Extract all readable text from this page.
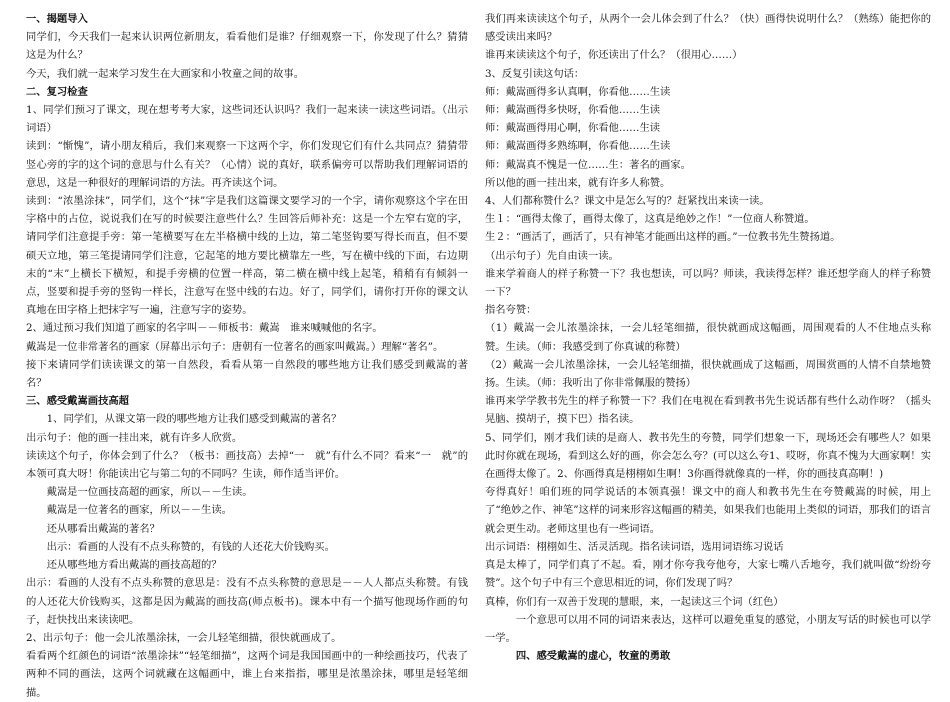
一、揭题导入

同学们，今天我们一起来认识两位新朋友，看看他们是谁？仔细观察一下，你发现了什么？猜猜这是为什么？

今天，我们就一起来学习发生在大画家和小牧童之间的故事。

二、复习检查

1、同学们预习了课文，现在想考考大家，这些词还认识吗？我们一起来读一读这些词语。（出示词语）

读到：“惭愧”，请小朋友稍后，我们来观察一下这两个字，你们发现它们有什么共同点？猜猜带竖心旁的字的这个词的意思与什么有关？（心情）说的真好，联系偏旁可以帮助我们理解词语的意思，这是一种很好的理解词语的方法。再齐读这个词。

读到：“浓墨涂抹”，同学们，这个“抹”字是我们这篇课文要学习的一个字，请你观察这个字在田字格中的占位，说说我们在写的时候要注意些什么？生回答后师补充：这是一个左窄右宽的字，请同学们注意提手旁：第一笔横要写在左半格横中线的上边，第二笔竖钩要写得长而直，但不要硕天立地，第三笔提请同学们注意，它起笔的地方要比横靠左一些，写在横中线的下面，右边期末的“末”上横长下横短，和提手旁横的位置一样高，第二横在横中线上起笔，稍稍有有倾斜一点，竖要和提手旁的竖钩一样长，注意写在竖中线的右边。好了，同学们，请你打开你的课文认真地在田字格上把抹字写一遍，注意写字的姿势。

2、通过预习我们知道了画家的名字叫－－师板书：戴嵩　谁来喊喊他的名字。

戴嵩是一位非常著名的画家（屏幕出示句子：唐朝有一位著名的画家叫戴嵩。）理解“著名”。

接下来请同学们读读课文的第一自然段，看看从第一自然段的哪些地方让我们感受到戴嵩的著名？

三、感受戴嵩画技高超

1、同学们，从课文第一段的哪些地方让我们感受到戴嵩的著名？

出示句子：他的画一挂出来，就有许多人欣赏。

读读这个句子，你体会到了什么？（板书：画技高）去掉“一　就”有什么不同？看来“一　就”的本领可真大呀！你能读出它与第二句的不同吗？生读，师作适当评价。

戴嵩是一位画技高超的画家，所以－－生读。

戴嵩是一位著名的画家，所以－－生读。

还从哪看出戴嵩的著名？

出示：看画的人没有不点头称赞的，有钱的人还花大价钱购买。

还从哪些地方看出戴嵩的画技高超的？

出示：看画的人没有不点头称赞的意思是：没有不点头称赞的意思是－－人人都点头称赞。有钱的人还花大价钱购买，这都是因为戴嵩的画技高(师点板书)。课本中有一个描写他现场作画的句子，赶快找出来读读吧。

2、出示句子：他一会儿浓墨涂抹，一会儿轻笔细描，很快就画成了。

看看两个红颜色的词语“浓墨涂抹”“轻笔细描”，这两个词是我国国画中的一种绘画技巧，代表了两种不同的画法，这两个词就藏在这幅画中，谁上台来指指，哪里是浓墨涂抹，哪里是轻笔细描。

我们再来读读这个句子，从两个一会儿体会到了什么？（快）画得快说明什么？（熟练）能把你的感受读出来吗？

谁再来读读这个句子，你还读出了什么？（很用心……）

3、反复引读这句话：

师：戴嵩画得多认真啊，你看他……生读

师：戴嵩画得多快呀，你看他……生读

师：戴嵩画得用心啊，你看他……生读

师：戴嵩画得多熟练啊，你看他……生读

师：戴嵩真不愧是一位……生：著名的画家。

所以他的画一挂出来，就有许多人称赞。

4、人们都称赞什么？课文中是怎么写的？赶紧找出来读一读。

生１：“画得太像了，画得太像了，这真是绝妙之作！”一位商人称赞道。

生２：“画活了，画活了，只有神笔才能画出这样的画。”一位教书先生赞扬道。

（出示句子）先自由读一读。

谁来学着商人的样子称赞一下？我也想读，可以吗？师读，我读得怎样？谁还想学商人的样子称赞一下？

指名夸赞：

（1）戴嵩一会儿浓墨涂抹，一会儿轻笔细描，很快就画成这幅画，周围观看的人不住地点头称赞。生读。（师：我感受到了你真诚的称赞）

（2）戴嵩一会儿浓墨涂抹，一会儿轻笔细描，很快就画成了这幅画，周围赏画的人情不自禁地赞扬。生读。（师：我听出了你非常佩服的赞扬）

谁再来学学教书先生的样子称赞一下？我们在电视在看到教书先生说话都有些什么动作呀？（摇头晃脑、摸胡子，摸下巴）指名读。

5、同学们，刚才我们读的是商人、教书先生的夸赞，同学们想象一下，现场还会有哪些人？如果此时你就在现场，看到这么好的画，你会怎么夸？(可以这么夸1、哎呀，你真不愧为大画家啊！实在画得太像了。2、你画得真是栩栩如生啊！3你画得就像真的一样，你的画技真高啊！)

夸得真好！咱们班的同学说话的本领真强！课文中的商人和教书先生在夸赞戴嵩的时候，用上了“绝妙之作、神笔”这样的词来形容这幅画的精美，如果我们也能用上类似的词语，那我们的语言就会更生动。老师这里也有一些词语。

出示词语：栩栩如生、活灵活现。指名读词语，选用词语练习说话

真是太棒了，同学们真了不起。看，刚才你夸我夸他夸，大家七嘴八舌地夸，我们就叫做“纷纷夸赞”。这个句子中有三个意思相近的词，你们发现了吗？

真棒，你们有一双善于发现的慧眼，来，一起读这三个词（红色）

一个意思可以用不同的词语来表达，这样可以避免重复的感觉，小朋友写话的时候也可以学一学。

四、感受戴嵩的虚心，牧童的勇敢
